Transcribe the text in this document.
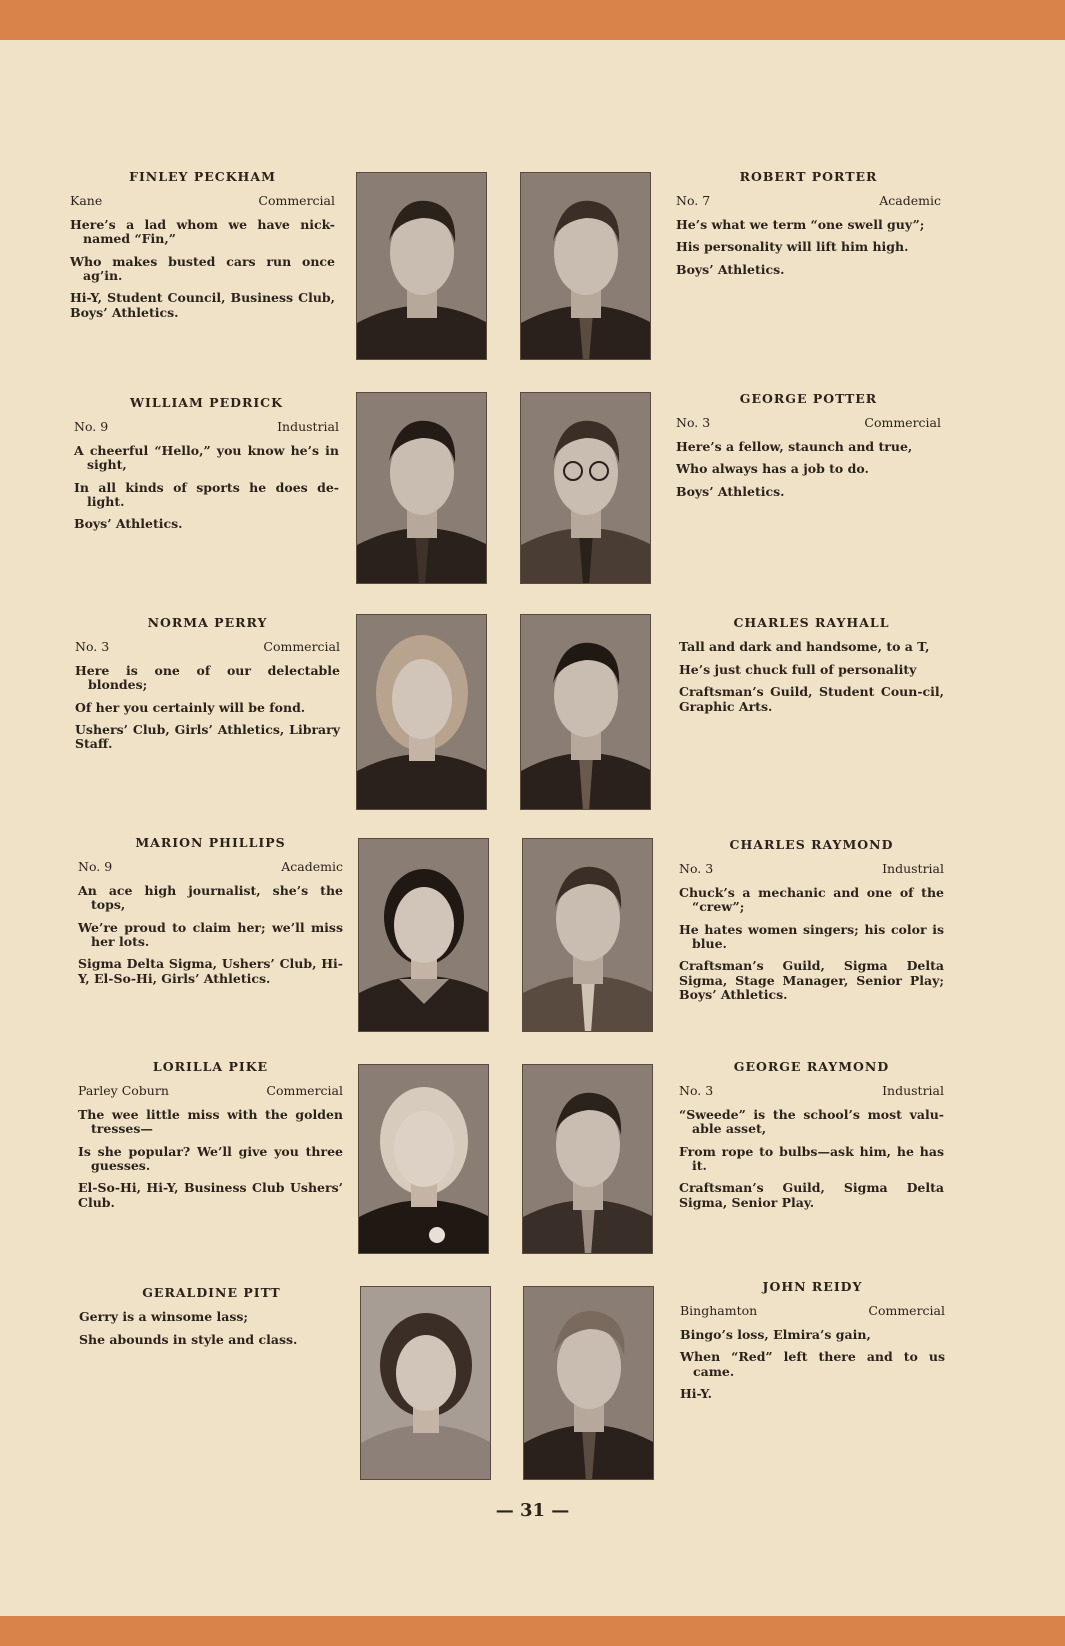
FINLEY PECKHAM
Kane	Commercial

Here’s a lad whom we have nick-named “Fin,”

Who makes busted cars run once ag’in.

Hi-Y, Student Council, Business Club, Boys’ Athletics.

ROBERT PORTER
No. 7	Academic

He’s what we term “one swell guy”;

His personality will lift him high.

Boys’ Athletics.

WILLIAM PEDRICK
No. 9	Industrial

A cheerful “Hello,” you know he’s in sight,

In all kinds of sports he does de-light.

Boys’ Athletics.

GEORGE POTTER
No. 3	Commercial

Here’s a fellow, staunch and true,

Who always has a job to do.

Boys’ Athletics.

NORMA PERRY
No. 3	Commercial

Here is one of our delectable blondes;

Of her you certainly will be fond.

Ushers’ Club, Girls’ Athletics, Library Staff.

CHARLES RAYHALL

Tall and dark and handsome, to a T,

He’s just chuck full of personality

Craftsman’s Guild, Student Coun-cil, Graphic Arts.

MARION PHILLIPS
No. 9	Academic

An ace high journalist, she’s the tops,

We’re proud to claim her; we’ll miss her lots.

Sigma Delta Sigma, Ushers’ Club, Hi-Y, El-So-Hi, Girls’ Athletics.

CHARLES RAYMOND
No. 3	Industrial

Chuck’s a mechanic and one of the “crew”;

He hates women singers; his color is blue.

Craftsman’s Guild, Sigma Delta Sigma, Stage Manager, Senior Play; Boys’ Athletics.

LORILLA PIKE
Parley Coburn	Commercial

The wee little miss with the golden tresses—

Is she popular? We’ll give you three guesses.

El-So-Hi, Hi-Y, Business Club Ushers’ Club.

GEORGE RAYMOND
No. 3	Industrial

“Sweede” is the school’s most valu-able asset,

From rope to bulbs—ask him, he has it.

Craftsman’s Guild, Sigma Delta Sigma, Senior Play.

GERALDINE PITT

Gerry is a winsome lass;

She abounds in style and class.

JOHN REIDY
Binghamton	Commercial

Bingo’s loss, Elmira’s gain,

When “Red” left there and to us came.

Hi-Y.

— 31 —
